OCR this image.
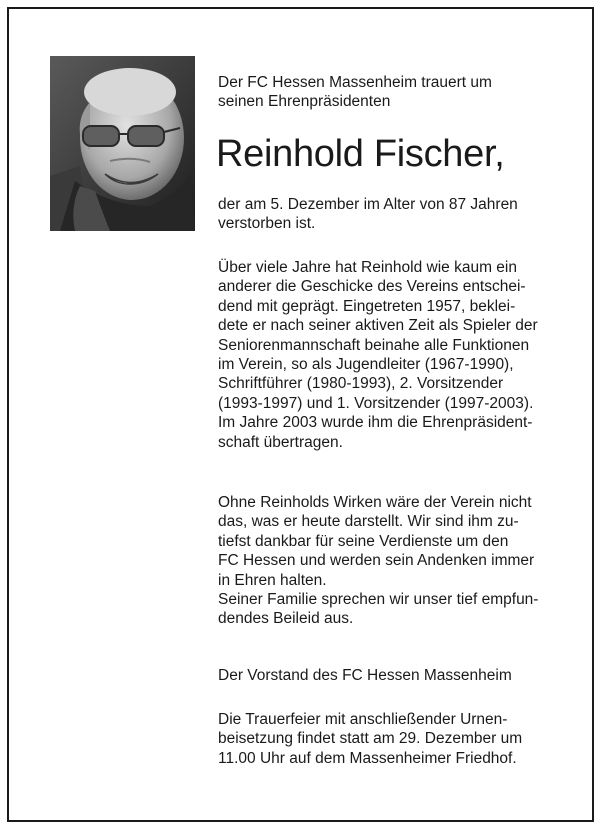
Der FC Hessen Massenheim trauert um
seinen Ehrenpräsidenten
Reinhold Fischer,
der am 5. Dezember im Alter von 87 Jahren
verstorben ist.
Über viele Jahre hat Reinhold wie kaum ein
anderer die Geschicke des Vereins entschei-
dend mit geprägt. Eingetreten 1957, beklei-
dete er nach seiner aktiven Zeit als Spieler der
Seniorenmannschaft beinahe alle Funktionen
im Verein, so als Jugendleiter (1967-1990),
Schriftführer (1980-1993), 2. Vorsitzender
(1993-1997) und 1. Vorsitzender (1997-2003).
Im Jahre 2003 wurde ihm die Ehrenpräsident-
schaft übertragen.
Ohne Reinholds Wirken wäre der Verein nicht
das, was er heute darstellt. Wir sind ihm zu-
tiefst dankbar für seine Verdienste um den
FC Hessen und werden sein Andenken immer
in Ehren halten.
Seiner Familie sprechen wir unser tief empfun-
dendes Beileid aus.
Der Vorstand des FC Hessen Massenheim
Die Trauerfeier mit anschließender Urnen-
beisetzung findet statt am 29. Dezember um
11.00 Uhr auf dem Massenheimer Friedhof.
